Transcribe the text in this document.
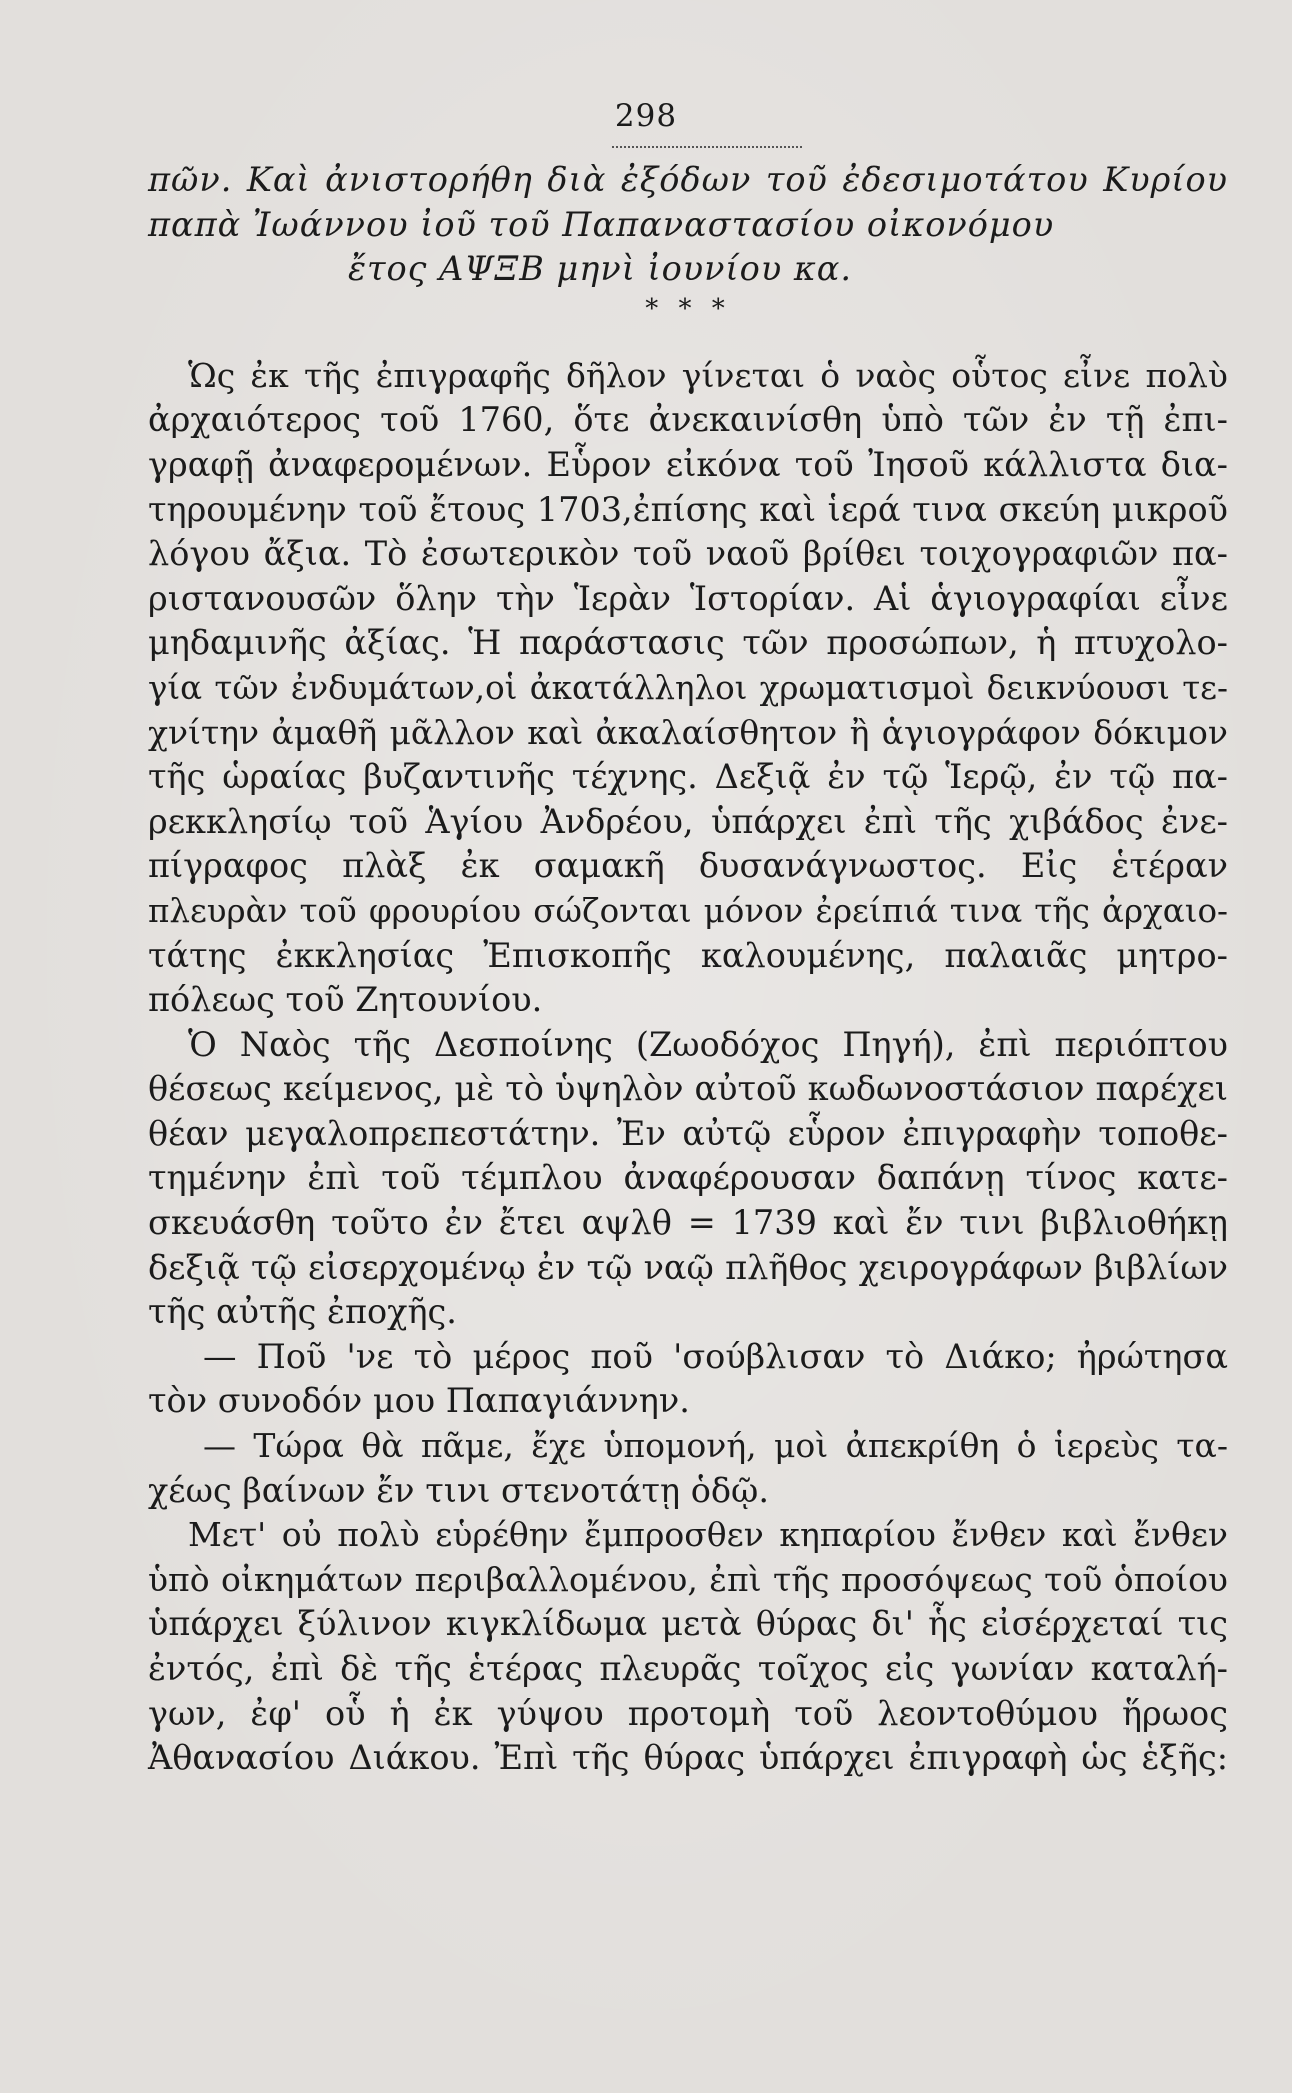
298
πῶν. Καὶ ἀνιστορήθη διὰ ἐξόδων τοῦ ἐδεσιμοτάτου Κυρίου
παπὰ Ἰωάννου ἰοῦ τοῦ Παπαναστασίου οἰκονόμου
ἔτος ΑΨΞΒ μηνὶ ἰουνίου κα.
* * *
Ὡς ἐκ τῆς ἐπιγραφῆς δῆλον γίνεται ὁ ναὸς οὗτος εἶνε πολὺ
ἀρχαιότερος τοῦ 1760, ὅτε ἀνεκαινίσθη ὑπὸ τῶν ἐν τῇ ἐπι-
γραφῇ ἀναφερομένων. Εὗρον εἰκόνα τοῦ Ἰησοῦ κάλλιστα δια-
τηρουμένην τοῦ ἔτους 1703,ἐπίσης καὶ ἱερά τινα σκεύη μικροῦ
λόγου ἄξια. Τὸ ἐσωτερικὸν τοῦ ναοῦ βρίθει τοιχογραφιῶν πα-
ριστανουσῶν ὅλην τὴν Ἱερὰν Ἱστορίαν. Αἱ ἁγιογραφίαι εἶνε
μηδαμινῆς ἀξίας. Ἡ παράστασις τῶν προσώπων, ἡ πτυχολο-
γία τῶν ἐνδυμάτων,οἱ ἀκατάλληλοι χρωματισμοὶ δεικνύουσι τε-
χνίτην ἀμαθῆ μᾶλλον καὶ ἀκαλαίσθητον ἢ ἁγιογράφον δόκιμον
τῆς ὡραίας βυζαντινῆς τέχνης. Δεξιᾷ ἐν τῷ Ἱερῷ, ἐν τῷ πα-
ρεκκλησίῳ τοῦ Ἁγίου Ἀνδρέου, ὑπάρχει ἐπὶ τῆς χιβάδος ἐνε-
πίγραφος πλὰξ ἐκ σαμακῆ δυσανάγνωστος. Εἰς ἑτέραν
πλευρὰν τοῦ φρουρίου σώζονται μόνον ἐρείπιά τινα τῆς ἀρχαιο-
τάτης ἐκκλησίας Ἐπισκοπῆς καλουμένης, παλαιᾶς μητρο-
πόλεως τοῦ Ζητουνίου.
Ὁ Ναὸς τῆς Δεσποίνης (Ζωοδόχος Πηγή), ἐπὶ περιόπτου
θέσεως κείμενος, μὲ τὸ ὑψηλὸν αὐτοῦ κωδωνοστάσιον παρέχει
θέαν μεγαλοπρεπεστάτην. Ἐν αὐτῷ εὗρον ἐπιγραφὴν τοποθε-
τημένην ἐπὶ τοῦ τέμπλου ἀναφέρουσαν δαπάνῃ τίνος κατε-
σκευάσθη τοῦτο ἐν ἔτει αψλθ = 1739 καὶ ἔν τινι βιβλιοθήκῃ
δεξιᾷ τῷ εἰσερχομένῳ ἐν τῷ ναῷ πλῆθος χειρογράφων βιβλίων
τῆς αὐτῆς ἐποχῆς.
— Ποῦ 'νε τὸ μέρος ποῦ 'σούβλισαν τὸ Διάκο; ἠρώτησα
τὸν συνοδόν μου Παπαγιάννην.
— Τώρα θὰ πᾶμε, ἔχε ὑπομονή, μοὶ ἀπεκρίθη ὁ ἱερεὺς τα-
χέως βαίνων ἔν τινι στενοτάτῃ ὁδῷ.
Μετ' οὐ πολὺ εὑρέθην ἔμπροσθεν κηπαρίου ἔνθεν καὶ ἔνθεν
ὑπὸ οἰκημάτων περιβαλλομένου, ἐπὶ τῆς προσόψεως τοῦ ὁποίου
ὑπάρχει ξύλινον κιγκλίδωμα μετὰ θύρας δι' ἧς εἰσέρχεταί τις
ἐντός, ἐπὶ δὲ τῆς ἑτέρας πλευρᾶς τοῖχος εἰς γωνίαν καταλή-
γων, ἐφ' οὗ ἡ ἐκ γύψου προτομὴ τοῦ λεοντοθύμου ἥρωος
Ἀθανασίου Διάκου. Ἐπὶ τῆς θύρας ὑπάρχει ἐπιγραφὴ ὡς ἑξῆς:
